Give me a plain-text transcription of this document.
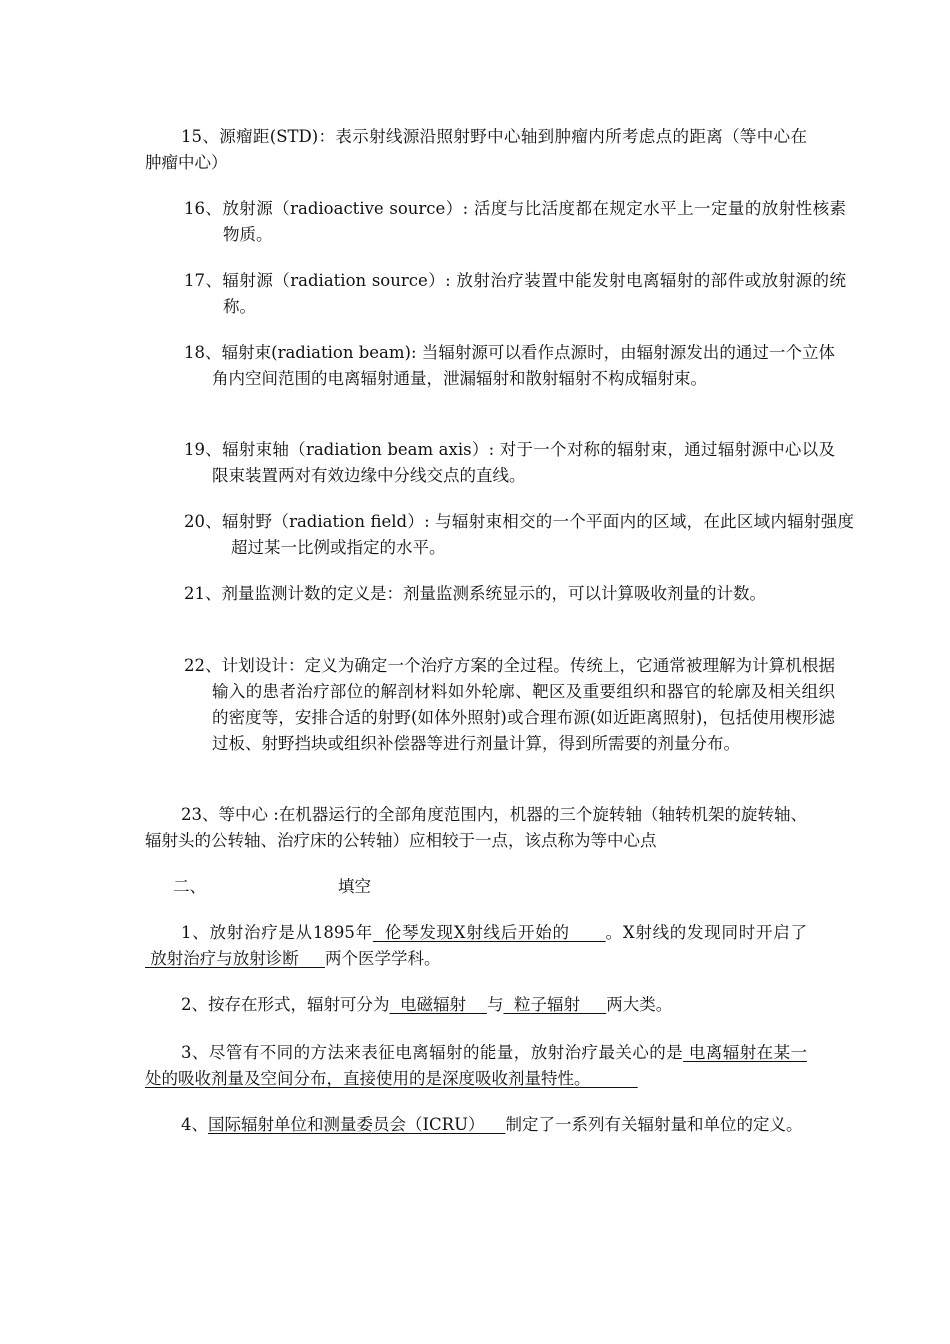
15、源瘤距(STD)：表示射线源沿照射野中心轴到肿瘤内所考虑点的距离（等中心在肿瘤中心）

16、放射源（radioactive source）: 活度与比活度都在规定水平上一定量的放射性核素物质。

17、辐射源（radiation source）: 放射治疗装置中能发射电离辐射的部件或放射源的统称。

18、辐射束(radiation beam): 当辐射源可以看作点源时，由辐射源发出的通过一个立体角内空间范围的电离辐射通量，泄漏辐射和散射辐射不构成辐射束。

19、辐射束轴（radiation beam axis）: 对于一个对称的辐射束，通过辐射源中心以及限束装置两对有效边缘中分线交点的直线。

20、辐射野（radiation field）: 与辐射束相交的一个平面内的区域，在此区域内辐射强度超过某一比例或指定的水平。

21、剂量监测计数的定义是：剂量监测系统显示的，可以计算吸收剂量的计数。

22、计划设计：定义为确定一个治疗方案的全过程。传统上，它通常被理解为计算机根据输入的患者治疗部位的解剖材料如外轮廓、靶区及重要组织和器官的轮廓及相关组织的密度等，安排合适的射野(如体外照射)或合理布源(如近距离照射)，包括使用楔形滤过板、射野挡块或组织补偿器等进行剂量计算，得到所需要的剂量分布。

23、等中心 :在机器运行的全部角度范围内，机器的三个旋转轴（轴转机架的旋转轴、辐射头的公转轴、治疗床的公转轴）应相较于一点，该点称为等中心点

二、	填空

1、放射治疗是从1895年  伦琴发现X射线后开始的      。X射线的发现同时开启了 放射治疗与放射诊断     两个医学学科。

2、按存在形式，辐射可分为  电磁辐射    与  粒子辐射     两大类。

3、尽管有不同的方法来表征电离辐射的能量，放射治疗最关心的是 电离辐射在某一处的吸收剂量及空间分布，直接使用的是深度吸收剂量特性。

4、国际辐射单位和测量委员会（ICRU）    制定了一系列有关辐射量和单位的定义。
